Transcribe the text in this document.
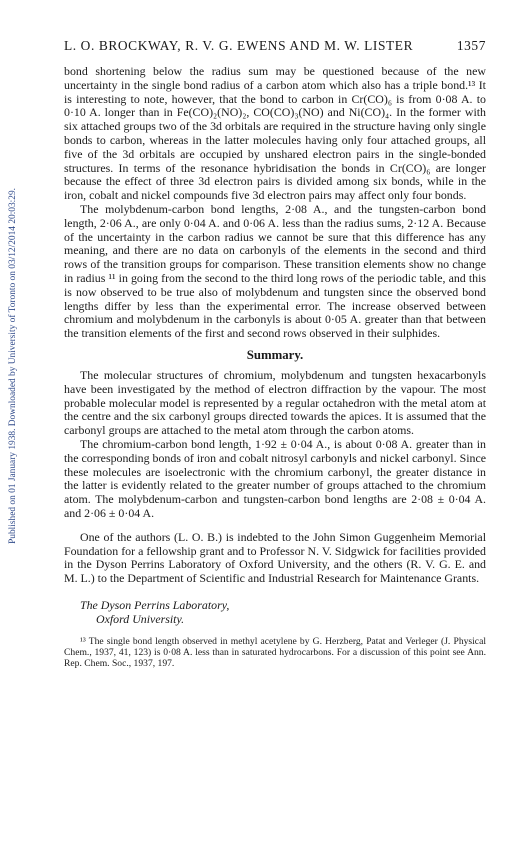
Published on 01 January 1938. Downloaded by University of Toronto on 03/12/2014 20:03:29.
L. O. BROCKWAY, R. V. G. EWENS AND M. W. LISTER	1357

bond shortening below the radius sum may be questioned because of the new uncertainty in the single bond radius of a carbon atom which also has a triple bond.¹³ It is interesting to note, however, that the bond to carbon in Cr(CO)₆ is from 0·08 A. to 0·10 A. longer than in Fe(CO)₂(NO)₂, CO(CO)₃(NO) and Ni(CO)₄. In the former with six attached groups two of the 3d orbitals are required in the structure having only single bonds to carbon, whereas in the latter molecules having only four attached groups, all five of the 3d orbitals are occupied by unshared electron pairs in the single-bonded structures. In terms of the resonance hybridisation the bonds in Cr(CO)₆ are longer because the effect of three 3d electron pairs is divided among six bonds, while in the iron, cobalt and nickel compounds five 3d electron pairs may affect only four bonds.

The molybdenum-carbon bond lengths, 2·08 A., and the tungsten-carbon bond length, 2·06 A., are only 0·04 A. and 0·06 A. less than the radius sums, 2·12 A. Because of the uncertainty in the carbon radius we cannot be sure that this difference has any meaning, and there are no data on carbonyls of the elements in the second and third rows of the transition groups for comparison. These transition elements show no change in radius ¹¹ in going from the second to the third long rows of the periodic table, and this is now observed to be true also of molybdenum and tungsten since the observed bond lengths differ by less than the experimental error. The increase observed between chromium and molybdenum in the carbonyls is about 0·05 A. greater than that between the transition elements of the first and second rows observed in their sulphides.

Summary.

The molecular structures of chromium, molybdenum and tungsten hexacarbonyls have been investigated by the method of electron diffraction by the vapour. The most probable molecular model is represented by a regular octahedron with the metal atom at the centre and the six carbonyl groups directed towards the apices. It is assumed that the carbonyl groups are attached to the metal atom through the carbon atoms.

The chromium-carbon bond length, 1·92 ± 0·04 A., is about 0·08 A. greater than in the corresponding bonds of iron and cobalt nitrosyl carbonyls and nickel carbonyl. Since these molecules are isoelectronic with the chromium carbonyl, the greater distance in the latter is evidently related to the greater number of groups attached to the chromium atom. The molybdenum-carbon and tungsten-carbon bond lengths are 2·08 ± 0·04 A. and 2·06 ± 0·04 A.

One of the authors (L. O. B.) is indebted to the John Simon Guggenheim Memorial Foundation for a fellowship grant and to Professor N. V. Sidgwick for facilities provided in the Dyson Perrins Laboratory of Oxford University, and the others (R. V. G. E. and M. L.) to the Department of Scientific and Industrial Research for Maintenance Grants.

The Dyson Perrins Laboratory,
Oxford University.

¹³ The single bond length observed in methyl acetylene by G. Herzberg, Patat and Verleger (J. Physical Chem., 1937, 41, 123) is 0·08 A. less than in saturated hydrocarbons. For a discussion of this point see Ann. Rep. Chem. Soc., 1937, 197.
